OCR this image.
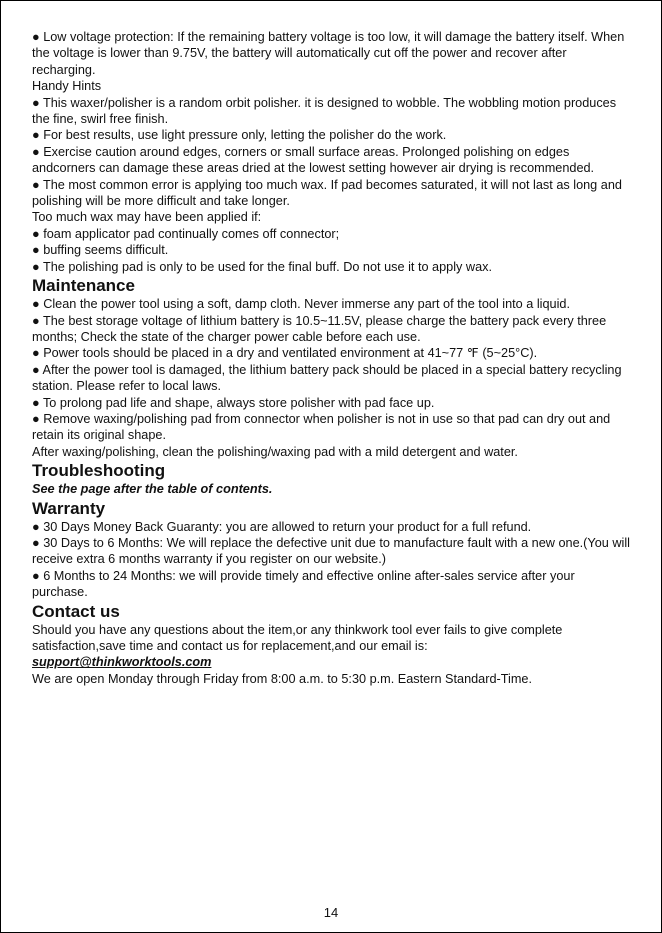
● Low voltage protection: If the remaining battery voltage is too low, it will damage the battery itself. When the voltage is lower than 9.75V, the battery will automatically cut off the power and recover after recharging.

Handy Hints

● This waxer/polisher is a random orbit polisher. it is designed to wobble. The wobbling motion produces the fine, swirl free finish.

● For best results, use light pressure only, letting the polisher do the work.

● Exercise caution around edges, corners or small surface areas. Prolonged polishing on edges andcorners can damage these areas dried at the lowest setting however air drying is recommended.

● The most common error is applying too much wax. If pad becomes saturated, it will not last as long and polishing will be more difficult and take longer.

Too much wax may have been applied if:

● foam applicator pad continually comes off connector;

● buffing seems difficult.

● The polishing pad is only to be used for the final buff. Do not use it to apply wax.

Maintenance

● Clean the power tool using a soft, damp cloth. Never immerse any part of the tool into a liquid.

● The best storage voltage of lithium battery is 10.5~11.5V, please charge the battery pack every three months; Check the state of the charger power cable before each use.

● Power tools should be placed in a dry and ventilated environment at 41~77 ℉ (5~25°C).

● After the power tool is damaged, the lithium battery pack should be placed in a special battery recycling station. Please refer to local laws.

● To prolong pad life and shape, always store polisher with pad face up.

● Remove waxing/polishing pad from connector when polisher is not in use so that pad can dry out and retain its original shape.

After waxing/polishing, clean the polishing/waxing pad with a mild detergent and water.

Troubleshooting

See the page after the table of contents.

Warranty

● 30 Days Money Back Guaranty: you are allowed to return your product for a full refund.

● 30 Days to 6 Months: We will replace the defective unit due to manufacture fault with a new one.(You will receive extra 6 months warranty if you register on our website.)

● 6 Months to 24 Months: we will provide timely and effective online after-sales service after your purchase.

Contact us

Should you have any questions about the item,or any thinkwork tool ever fails to give complete satisfaction,save time and contact us for replacement,and our email is:

support@thinkworktools.com

We are open Monday through Friday from 8:00 a.m. to 5:30 p.m. Eastern Standard-Time.

14
